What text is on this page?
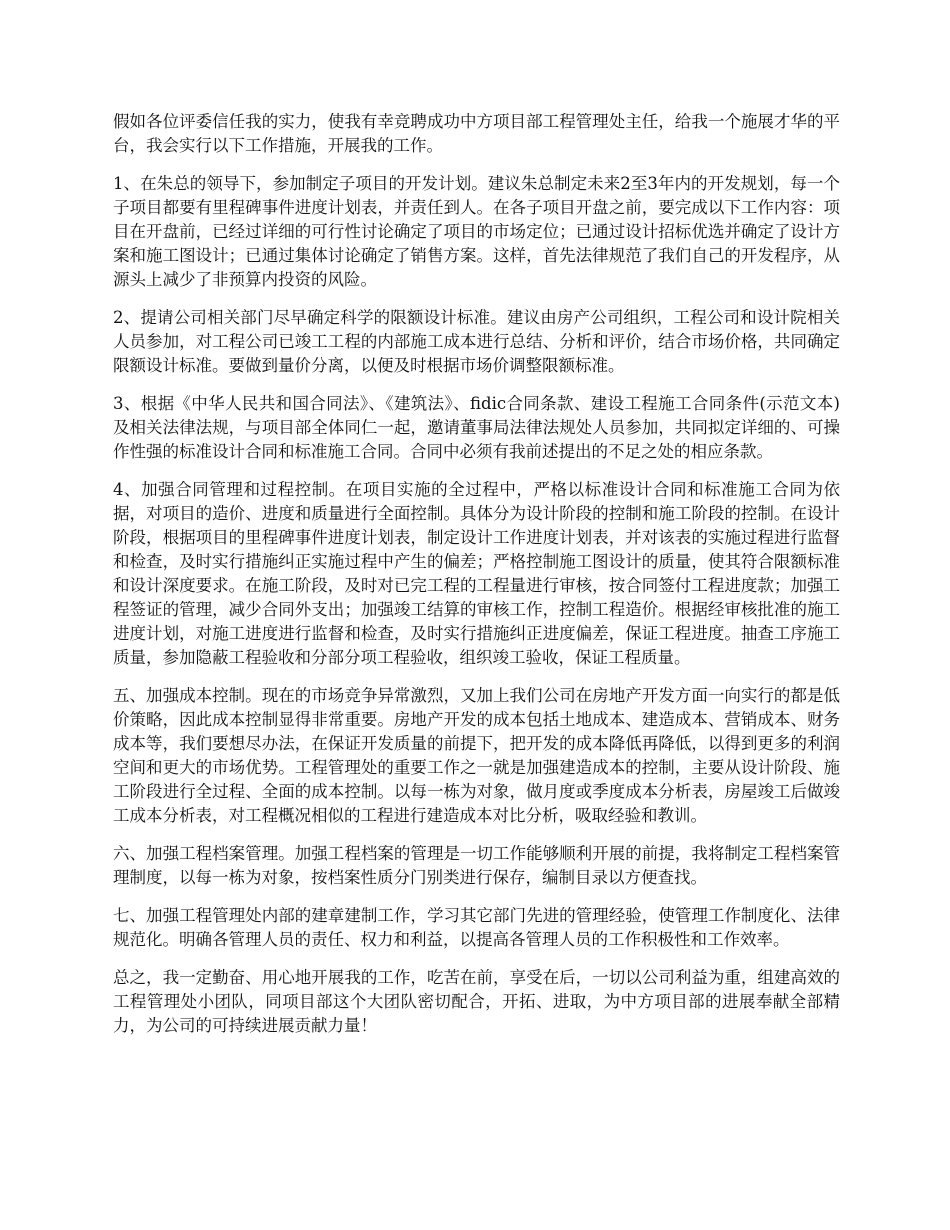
假如各位评委信任我的实力，使我有幸竞聘成功中方项目部工程管理处主任，给我一个施展才华的平台，我会实行以下工作措施，开展我的工作。

1、在朱总的领导下，参加制定子项目的开发计划。建议朱总制定未来2至3年内的开发规划，每一个子项目都要有里程碑事件进度计划表，并责任到人。在各子项目开盘之前，要完成以下工作内容：项目在开盘前，已经过详细的可行性讨论确定了项目的市场定位；已通过设计招标优选并确定了设计方案和施工图设计；已通过集体讨论确定了销售方案。这样，首先法律规范了我们自己的开发程序，从源头上减少了非预算内投资的风险。

2、提请公司相关部门尽早确定科学的限额设计标准。建议由房产公司组织，工程公司和设计院相关人员参加，对工程公司已竣工工程的内部施工成本进行总结、分析和评价，结合市场价格，共同确定限额设计标准。要做到量价分离，以便及时根据市场价调整限额标准。

3、根据《中华人民共和国合同法》、《建筑法》、fidic合同条款、建设工程施工合同条件(示范文本)及相关法律法规，与项目部全体同仁一起，邀请董事局法律法规处人员参加，共同拟定详细的、可操作性强的标准设计合同和标准施工合同。合同中必须有我前述提出的不足之处的相应条款。

4、加强合同管理和过程控制。在项目实施的全过程中，严格以标准设计合同和标准施工合同为依据，对项目的造价、进度和质量进行全面控制。具体分为设计阶段的控制和施工阶段的控制。在设计阶段，根据项目的里程碑事件进度计划表，制定设计工作进度计划表，并对该表的实施过程进行监督和检查，及时实行措施纠正实施过程中产生的偏差；严格控制施工图设计的质量，使其符合限额标准和设计深度要求。在施工阶段，及时对已完工程的工程量进行审核，按合同签付工程进度款；加强工程签证的管理，减少合同外支出；加强竣工结算的审核工作，控制工程造价。根据经审核批准的施工进度计划，对施工进度进行监督和检查，及时实行措施纠正进度偏差，保证工程进度。抽查工序施工质量，参加隐蔽工程验收和分部分项工程验收，组织竣工验收，保证工程质量。

五、加强成本控制。现在的市场竞争异常激烈，又加上我们公司在房地产开发方面一向实行的都是低价策略，因此成本控制显得非常重要。房地产开发的成本包括土地成本、建造成本、营销成本、财务成本等，我们要想尽办法，在保证开发质量的前提下，把开发的成本降低再降低，以得到更多的利润空间和更大的市场优势。工程管理处的重要工作之一就是加强建造成本的控制，主要从设计阶段、施工阶段进行全过程、全面的成本控制。以每一栋为对象，做月度或季度成本分析表，房屋竣工后做竣工成本分析表，对工程概况相似的工程进行建造成本对比分析，吸取经验和教训。

六、加强工程档案管理。加强工程档案的管理是一切工作能够顺利开展的前提，我将制定工程档案管理制度，以每一栋为对象，按档案性质分门别类进行保存，编制目录以方便查找。

七、加强工程管理处内部的建章建制工作，学习其它部门先进的管理经验，使管理工作制度化、法律规范化。明确各管理人员的责任、权力和利益，以提高各管理人员的工作积极性和工作效率。

总之，我一定勤奋、用心地开展我的工作，吃苦在前，享受在后，一切以公司利益为重，组建高效的工程管理处小团队，同项目部这个大团队密切配合，开拓、进取，为中方项目部的进展奉献全部精力，为公司的可持续进展贡献力量！
